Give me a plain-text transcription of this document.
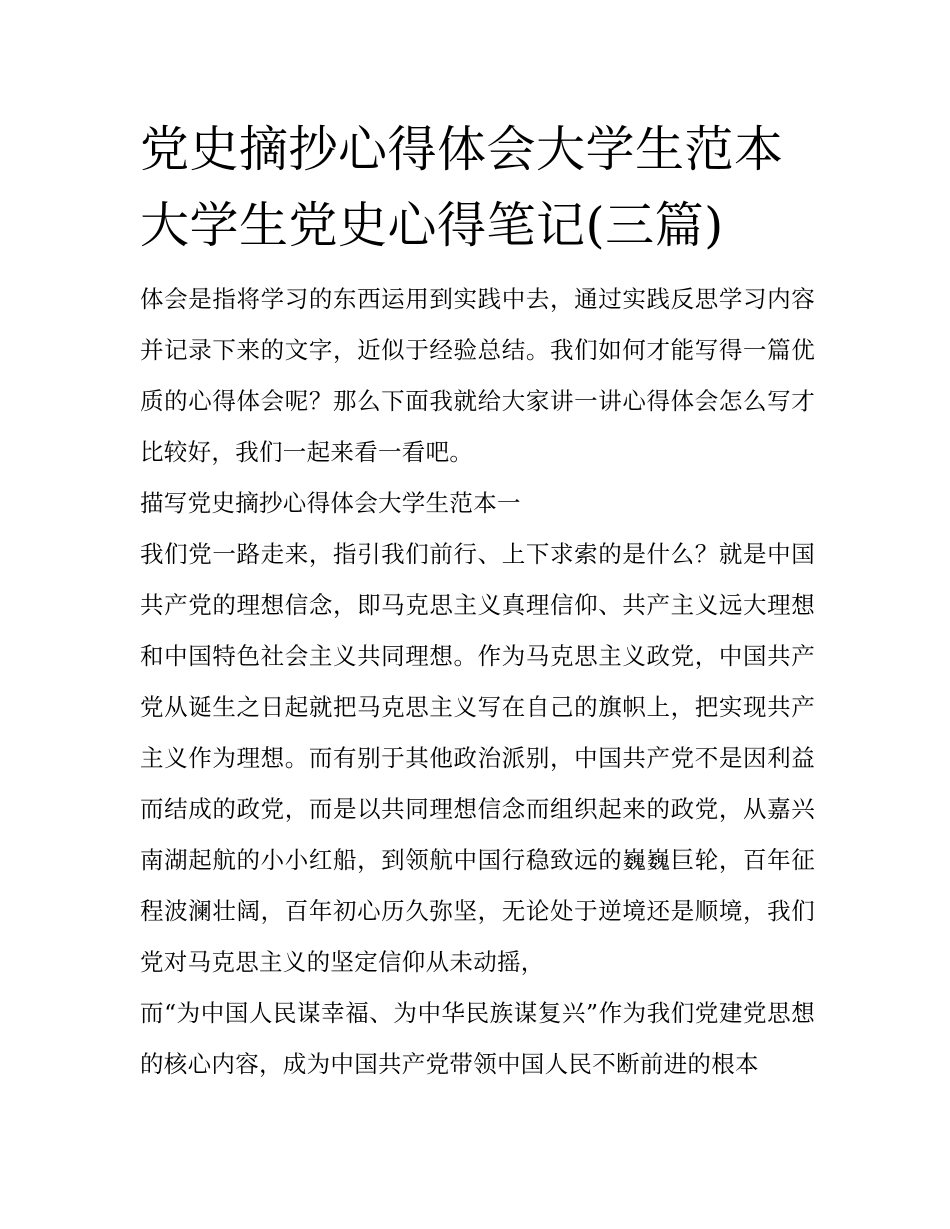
党史摘抄心得体会大学生范本
大学生党史心得笔记(三篇)

体会是指将学习的东西运用到实践中去，通过实践反思学习内容并记录下来的文字，近似于经验总结。我们如何才能写得一篇优质的心得体会呢？那么下面我就给大家讲一讲心得体会怎么写才比较好，我们一起来看一看吧。

描写党史摘抄心得体会大学生范本一

我们党一路走来，指引我们前行、上下求索的是什么？就是中国共产党的理想信念，即马克思主义真理信仰、共产主义远大理想和中国特色社会主义共同理想。作为马克思主义政党，中国共产党从诞生之日起就把马克思主义写在自己的旗帜上，把实现共产主义作为理想。而有别于其他政治派别，中国共产党不是因利益而结成的政党，而是以共同理想信念而组织起来的政党，从嘉兴南湖起航的小小红船，到领航中国行稳致远的巍巍巨轮，百年征程波澜壮阔，百年初心历久弥坚，无论处于逆境还是顺境，我们党对马克思主义的坚定信仰从未动摇，

而“为中国人民谋幸福、为中华民族谋复兴”作为我们党建党思想的核心内容，成为中国共产党带领中国人民不断前进的根本
